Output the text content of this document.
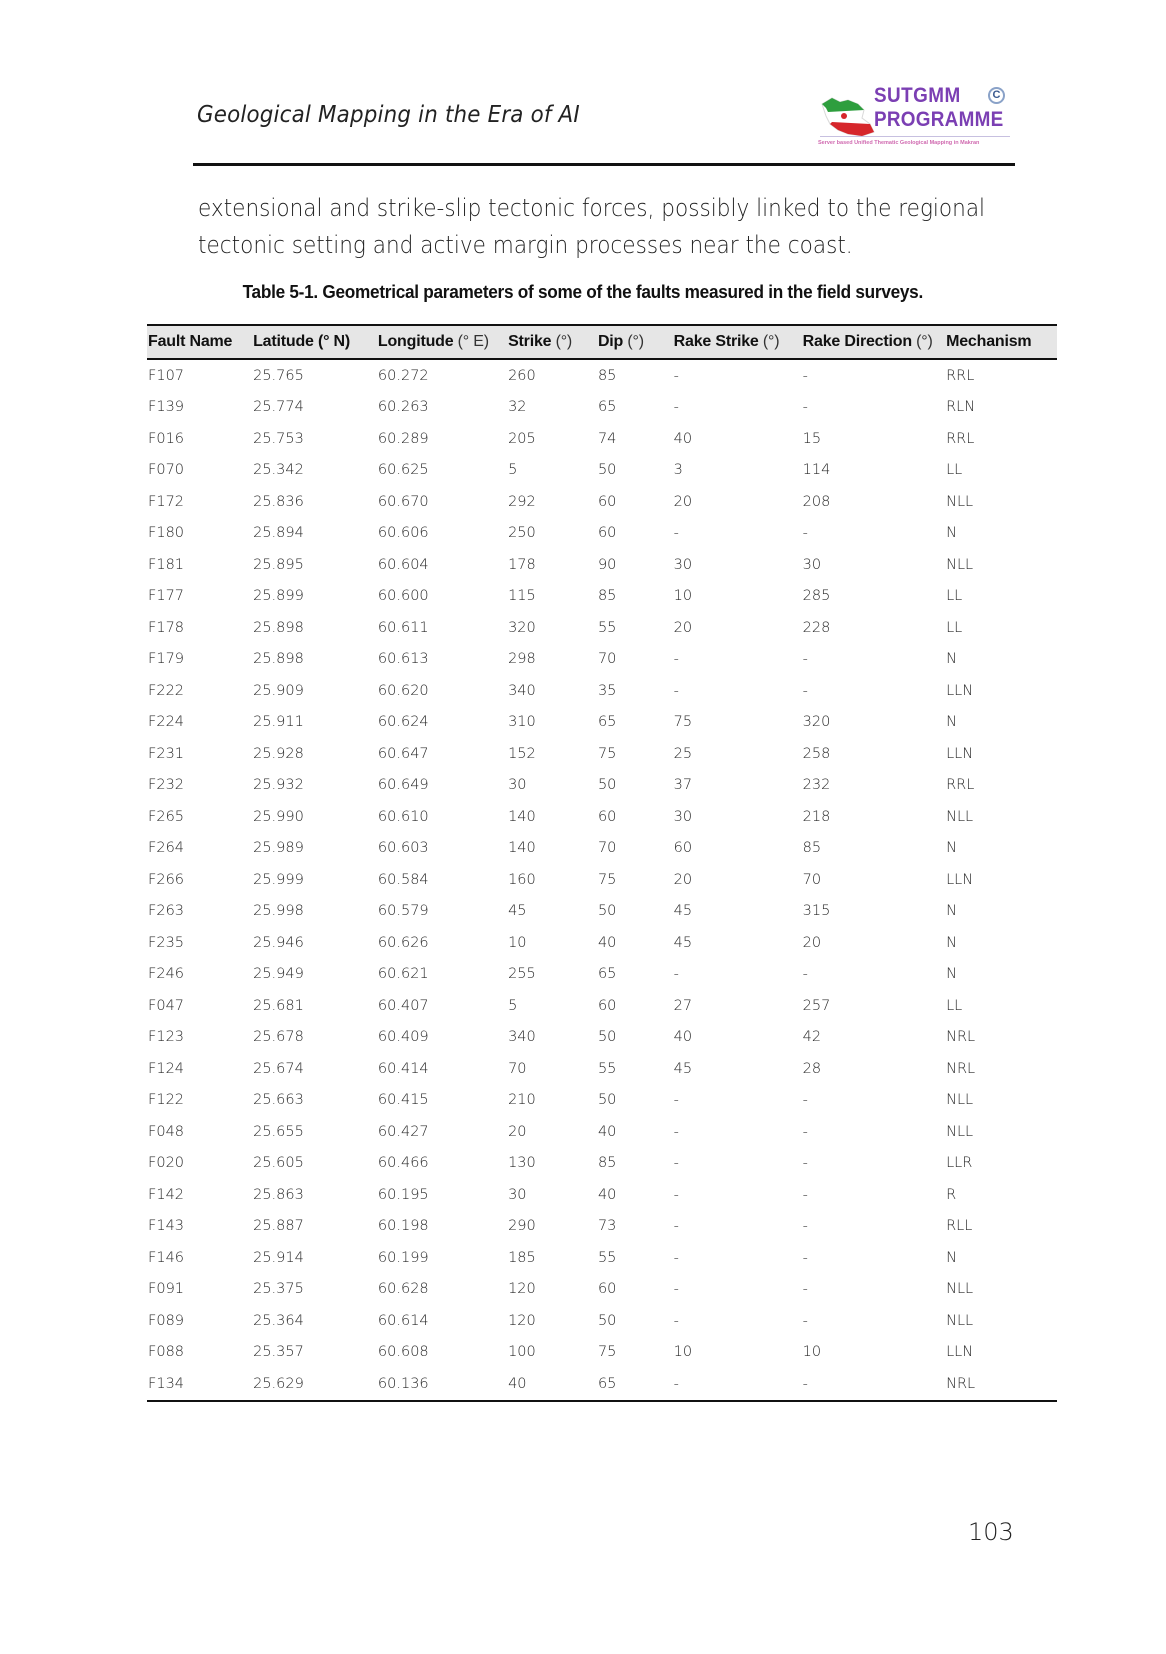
Geological Mapping in the Era of AI
SUTGMM	C
PROGRAMME
Server based Unified Thematic Geological Mapping in Makran
extensional and strike-slip tectonic forces, possibly linked to the regional
tectonic setting and active margin processes near the coast.
Table 5-1. Geometrical parameters of some of the faults measured in the field surveys.
Fault Name	Latitude (° N)	Longitude (° E)	Strike (°)	Dip (°)	Rake Strike (°)	Rake Direction (°)	Mechanism
F107	25.765	60.272	260	85	-	-	RRL
F139	25.774	60.263	32	65	-	-	RLN
F016	25.753	60.289	205	74	40	15	RRL
F070	25.342	60.625	5	50	3	114	LL
F172	25.836	60.670	292	60	20	208	NLL
F180	25.894	60.606	250	60	-	-	N
F181	25.895	60.604	178	90	30	30	NLL
F177	25.899	60.600	115	85	10	285	LL
F178	25.898	60.611	320	55	20	228	LL
F179	25.898	60.613	298	70	-	-	N
F222	25.909	60.620	340	35	-	-	LLN
F224	25.911	60.624	310	65	75	320	N
F231	25.928	60.647	152	75	25	258	LLN
F232	25.932	60.649	30	50	37	232	RRL
F265	25.990	60.610	140	60	30	218	NLL
F264	25.989	60.603	140	70	60	85	N
F266	25.999	60.584	160	75	20	70	LLN
F263	25.998	60.579	45	50	45	315	N
F235	25.946	60.626	10	40	45	20	N
F246	25.949	60.621	255	65	-	-	N
F047	25.681	60.407	5	60	27	257	LL
F123	25.678	60.409	340	50	40	42	NRL
F124	25.674	60.414	70	55	45	28	NRL
F122	25.663	60.415	210	50	-	-	NLL
F048	25.655	60.427	20	40	-	-	NLL
F020	25.605	60.466	130	85	-	-	LLR
F142	25.863	60.195	30	40	-	-	R
F143	25.887	60.198	290	73	-	-	RLL
F146	25.914	60.199	185	55	-	-	N
F091	25.375	60.628	120	60	-	-	NLL
F089	25.364	60.614	120	50	-	-	NLL
F088	25.357	60.608	100	75	10	10	LLN
F134	25.629	60.136	40	65	-	-	NRL
103
